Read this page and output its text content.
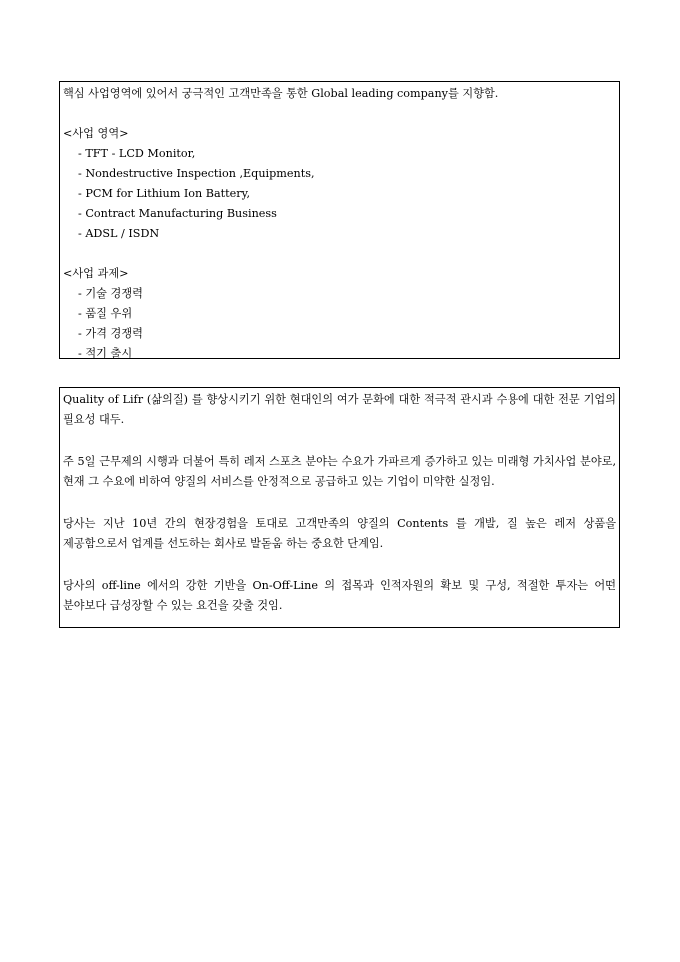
핵심 사업영역에 있어서 궁극적인 고객만족을 통한 Global leading company를 지향함.
<사업 영역>
- TFT - LCD Monitor,
- Nondestructive Inspection ,Equipments,
- PCM for Lithium Ion Battery,
- Contract Manufacturing Business
- ADSL / ISDN
<사업 과제>
- 기술 경쟁력
- 품질 우위
- 가격 경쟁력
- 적기 출시
Quality of Lifr (삶의질) 를 향상시키기 위한 현대인의 여가 문화에 대한 적극적 관시과 수용에 대한 전문 기업의 필요성 대두.
주 5일 근무제의 시행과 더불어 특히 레저 스포츠 분야는 수요가 가파르게 증가하고 있는 미래형 가치사업 분야로, 현재 그 수요에 비하여 양질의 서비스를 안정적으로 공급하고 있는 기업이 미약한 실정임.
당사는 지난 10년 간의 현장경험을 토대로 고객만족의 양질의 Contents 를 개발, 질 높은 레저 상품을 제공함으로서 업계를 선도하는 회사로 발돋움 하는 중요한 단계임.
당사의 off-line 에서의 강한 기반을 On-Off-Line 의 접목과 인적자원의 확보 및 구성, 적절한 투자는 어떤 분야보다 급성장할 수 있는 요건을 갖출 것임.
